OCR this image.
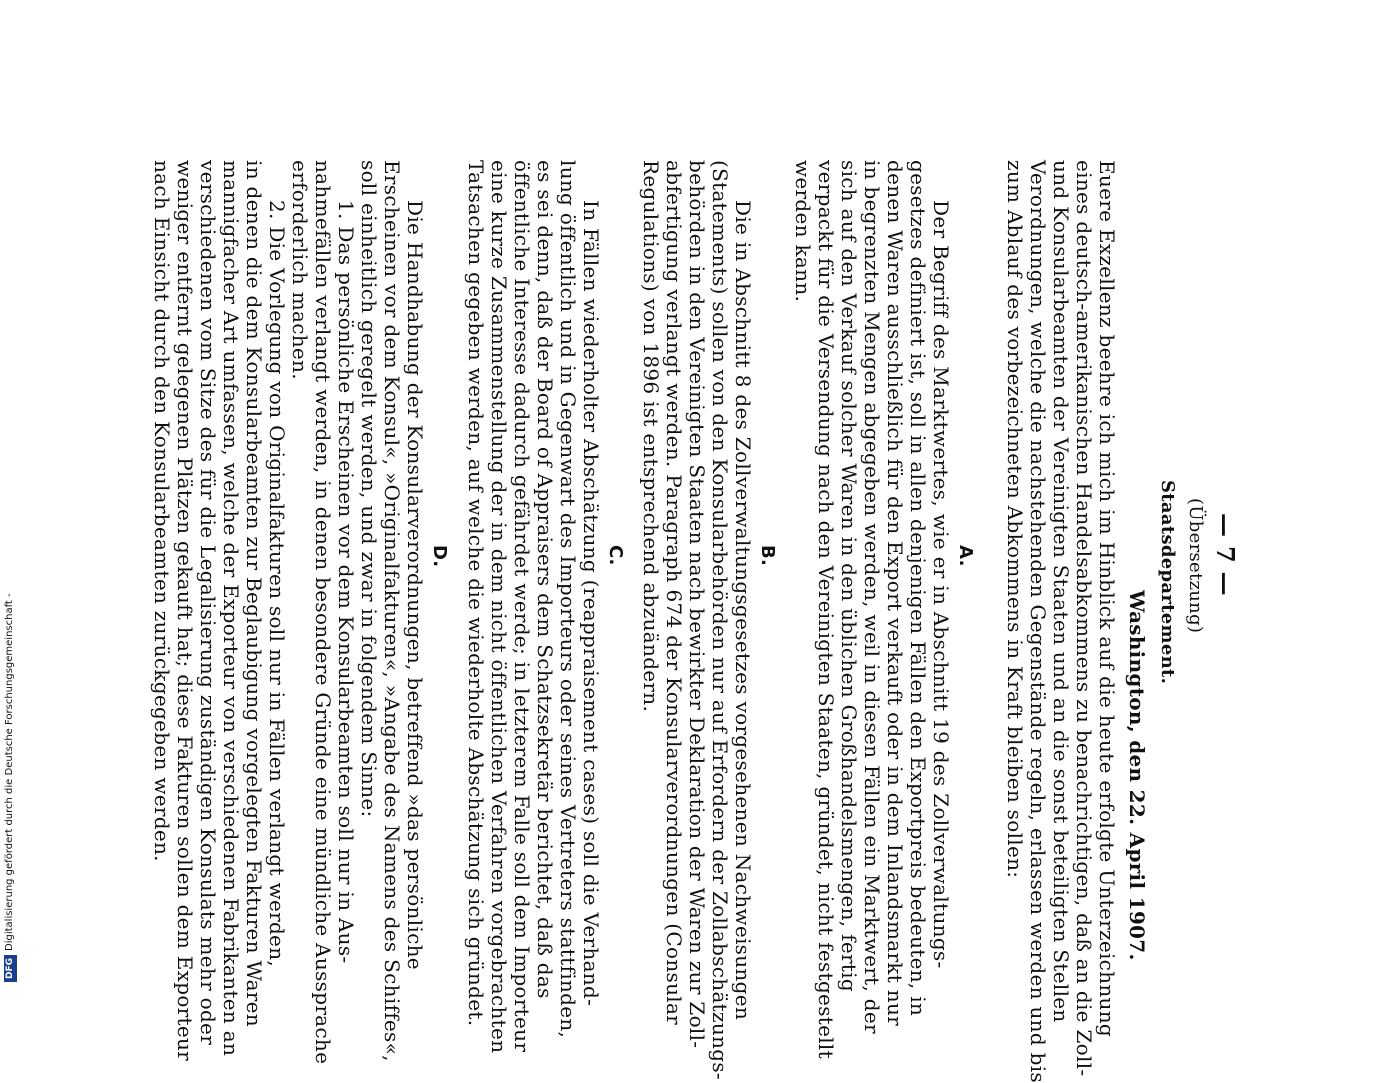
— 7 —
(Übersetzung)
Staatsdepartement.
Washington, den 22. April 1907.
Euere Exzellenz beehre ich mich im Hinblick auf die heute erfolgte Unterzeichnung
eines deutsch-amerikanischen Handelsabkommens zu benachrichtigen, daß an die Zoll-
und Konsularbeamten der Vereinigten Staaten und an die sonst beteiligten Stellen
Verordnungen, welche die nachstehenden Gegenstände regeln, erlassen werden und bis
zum Ablauf des vorbezeichneten Abkommens in Kraft bleiben sollen:
A.
Der Begriff des Marktwertes, wie er in Abschnitt 19 des Zollverwaltungs-
gesetzes definiert ist, soll in allen denjenigen Fällen den Exportpreis bedeuten, in
denen Waren ausschließlich für den Export verkauft oder in dem Inlandsmarkt nur
in begrenzten Mengen abgegeben werden, weil in diesen Fällen ein Marktwert, der
sich auf den Verkauf solcher Waren in den üblichen Großhandelsmengen, fertig
verpackt für die Versendung nach den Vereinigten Staaten, gründet, nicht festgestellt
werden kann.
B.
Die in Abschnitt 8 des Zollverwaltungsgesetzes vorgesehenen Nachweisungen
(Statements) sollen von den Konsularbehörden nur auf Erfordern der Zollabschätzungs-
behörden in den Vereinigten Staaten nach bewirkter Deklaration der Waren zur Zoll-
abfertigung verlangt werden. Paragraph 674 der Konsularverordnungen (Consular
Regulations) von 1896 ist entsprechend abzuändern.
C.
In Fällen wiederholter Abschätzung (reappraisement cases) soll die Verhand-
lung öffentlich und in Gegenwart des Importeurs oder seines Vertreters stattfinden,
es sei denn, daß der Board of Appraisers dem Schatzsekretär berichtet, daß das
öffentliche Interesse dadurch gefährdet werde; in letzterem Falle soll dem Importeur
eine kurze Zusammenstellung der in dem nicht öffentlichen Verfahren vorgebrachten
Tatsachen gegeben werden, auf welche die wiederholte Abschätzung sich gründet.
D.
Die Handhabung der Konsularverordnungen, betreffend »das persönliche
Erscheinen vor dem Konsul«, »Originalfakturen«, »Angabe des Namens des Schiffes«,
soll einheitlich geregelt werden, und zwar in folgendem Sinne:
1. Das persönliche Erscheinen vor dem Konsularbeamten soll nur in Aus-
nahmefällen verlangt werden, in denen besondere Gründe eine mündliche Aussprache
erforderlich machen.
2. Die Vorlegung von Originalfakturen soll nur in Fällen verlangt werden,
in denen die dem Konsularbeamten zur Beglaubigung vorgelegten Fakturen Waren
mannigfacher Art umfassen, welche der Exporteur von verschiedenen Fabrikanten an
verschiedenen vom Sitze des für die Legalisierung zuständigen Konsulats mehr oder
weniger entfernt gelegenen Plätzen gekauft hat; diese Fakturen sollen dem Exporteur
nach Einsicht durch den Konsularbeamten zurückgegeben werden.
DFG
Digitalisierung gefördert durch die Deutsche Forschungsgemeinschaft -
